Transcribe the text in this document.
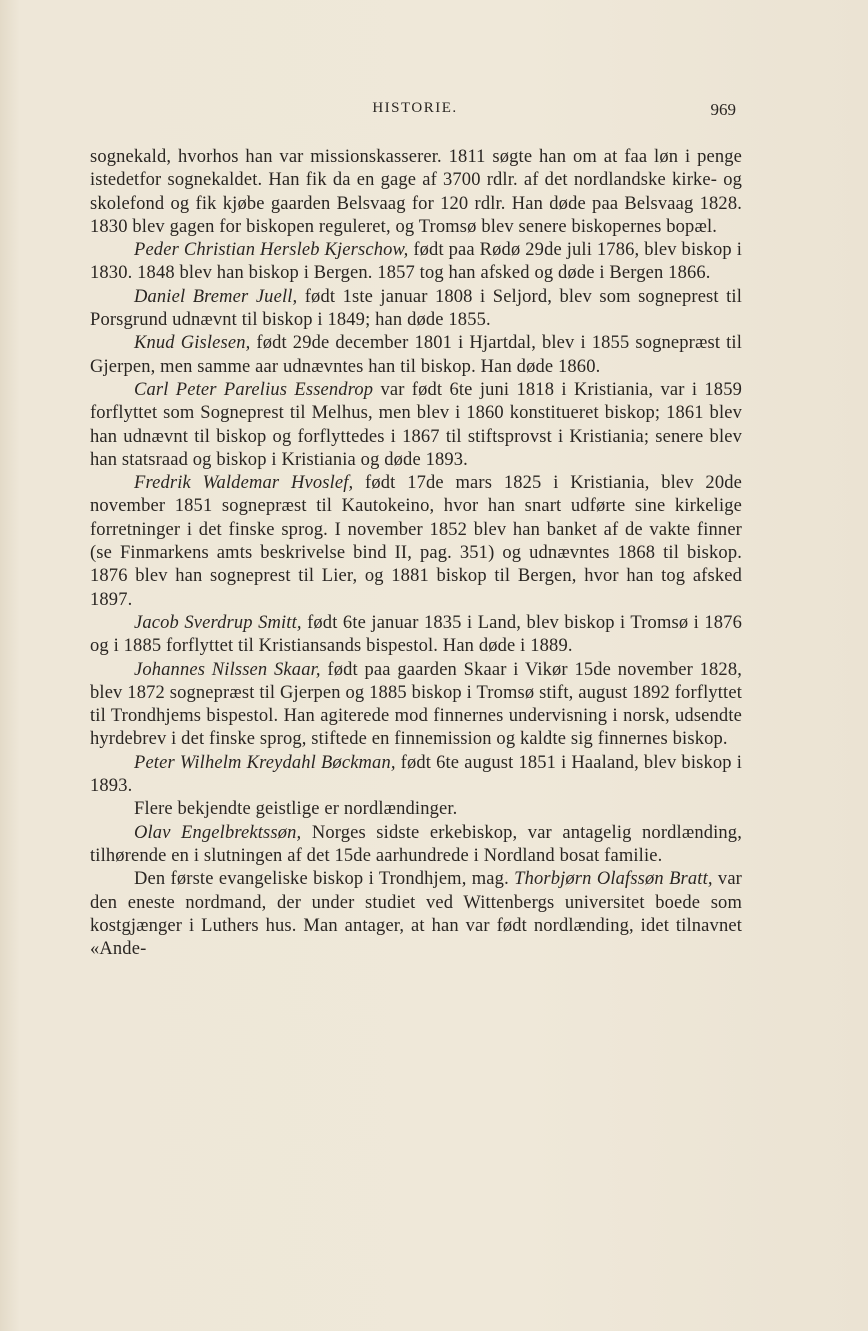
HISTORIE.	969

sognekald, hvorhos han var missionskasserer. 1811 søgte han om at faa løn i penge istedetfor sognekaldet. Han fik da en gage af 3700 rdlr. af det nordlandske kirke- og skolefond og fik kjøbe gaarden Belsvaag for 120 rdlr. Han døde paa Belsvaag 1828. 1830 blev gagen for biskopen reguleret, og Tromsø blev senere biskopernes bopæl.

Peder Christian Hersleb Kjerschow, født paa Rødø 29de juli 1786, blev biskop i 1830. 1848 blev han biskop i Bergen. 1857 tog han afsked og døde i Bergen 1866.

Daniel Bremer Juell, født 1ste januar 1808 i Seljord, blev som sogneprest til Porsgrund udnævnt til biskop i 1849; han døde 1855.

Knud Gislesen, født 29de december 1801 i Hjartdal, blev i 1855 sognepræst til Gjerpen, men samme aar udnævntes han til biskop. Han døde 1860.

Carl Peter Parelius Essendrop var født 6te juni 1818 i Kristiania, var i 1859 forflyttet som Sogneprest til Melhus, men blev i 1860 konstitueret biskop; 1861 blev han udnævnt til biskop og forflyttedes i 1867 til stiftsprovst i Kristiania; senere blev han statsraad og biskop i Kristiania og døde 1893.

Fredrik Waldemar Hvoslef, født 17de mars 1825 i Kristiania, blev 20de november 1851 sognepræst til Kautokeino, hvor han snart udførte sine kirkelige forretninger i det finske sprog. I november 1852 blev han banket af de vakte finner (se Finmarkens amts beskrivelse bind II, pag. 351) og udnævntes 1868 til biskop. 1876 blev han sogneprest til Lier, og 1881 biskop til Bergen, hvor han tog afsked 1897.

Jacob Sverdrup Smitt, født 6te januar 1835 i Land, blev biskop i Tromsø i 1876 og i 1885 forflyttet til Kristiansands bispestol. Han døde i 1889.

Johannes Nilssen Skaar, født paa gaarden Skaar i Vikør 15de november 1828, blev 1872 sognepræst til Gjerpen og 1885 biskop i Tromsø stift, august 1892 forflyttet til Trondhjems bispestol. Han agiterede mod finnernes undervisning i norsk, udsendte hyrdebrev i det finske sprog, stiftede en finnemission og kaldte sig finnernes biskop.

Peter Wilhelm Kreydahl Bøckman, født 6te august 1851 i Haaland, blev biskop i 1893.

Flere bekjendte geistlige er nordlændinger.

Olav Engelbrektssøn, Norges sidste erkebiskop, var antagelig nordlænding, tilhørende en i slutningen af det 15de aarhundrede i Nordland bosat familie.

Den første evangeliske biskop i Trondhjem, mag. Thorbjørn Olafssøn Bratt, var den eneste nordmand, der under studiet ved Wittenbergs universitet boede som kostgjænger i Luthers hus. Man antager, at han var født nordlænding, idet tilnavnet «Ande-
